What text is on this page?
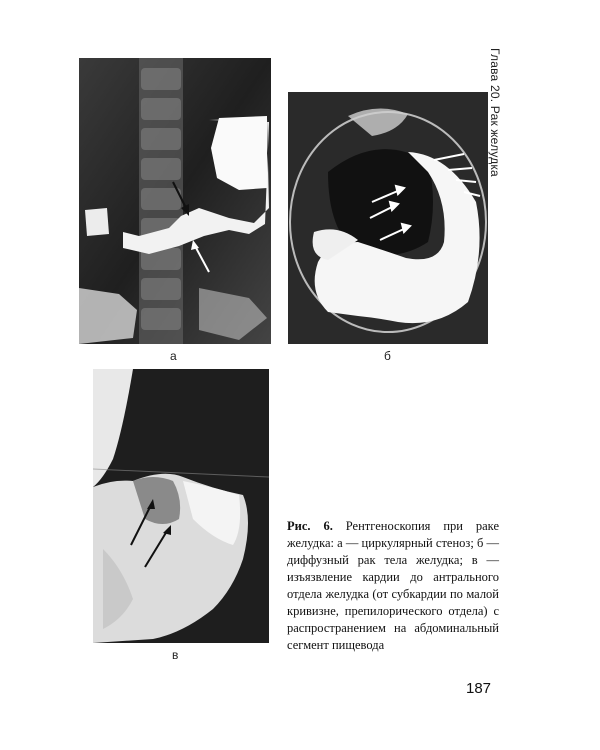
Глава 20. Рак желудка
а	б
в
Рис. 6. Рентгеноскопия при раке желудка: а — циркулярный стеноз; б — диффузный рак тела желудка; в — изъязвление кардии до антрального отдела желудка (от субкардии по малой кривизне, препилорического отдела) с распространением на абдоминальный сегмент пищевода
187
